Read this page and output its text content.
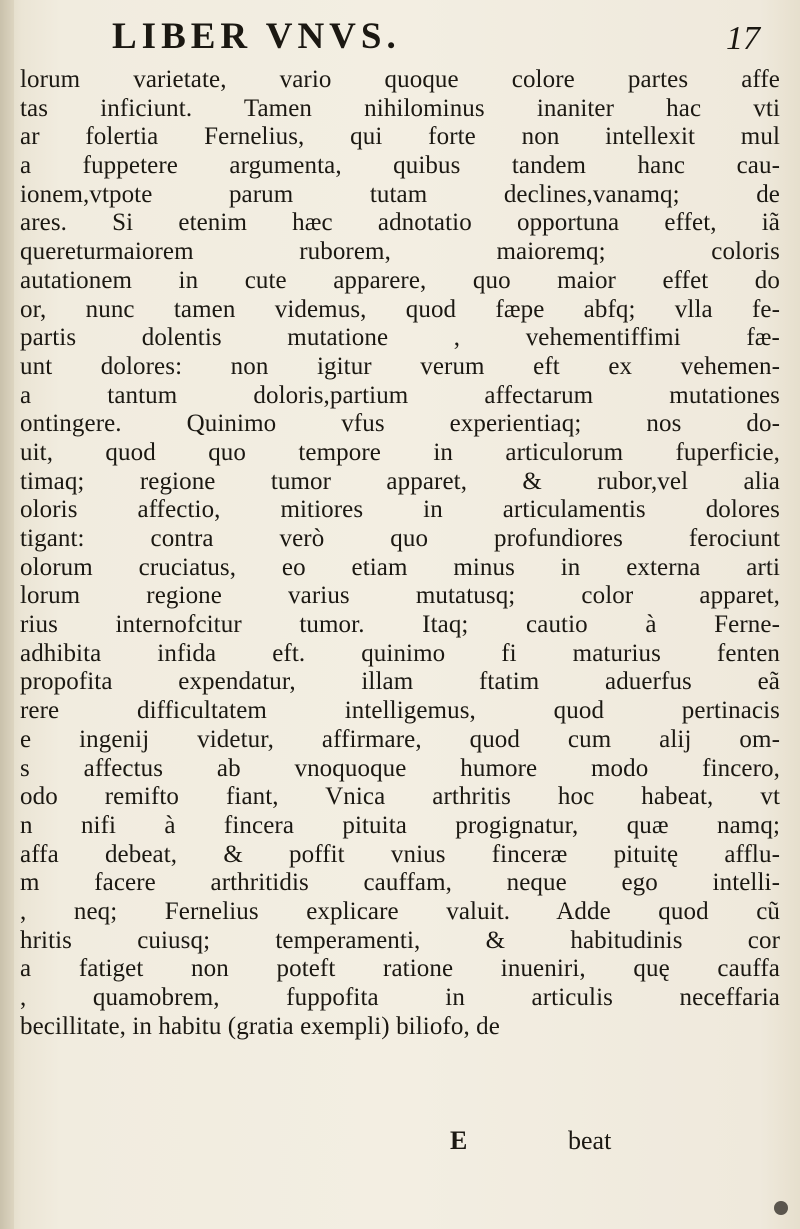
LIBER VNVS.	17
lorum varietate, vario quoque colore partes affe
tas inficiunt. Tamen nihilominus inaniter hac vti
ar folertia Fernelius, qui forte non intellexit mul
a fuppetere argumenta, quibus tandem hanc cau-
ionem,vtpote parum tutam declines,vanamq; de
ares. Si etenim hæc adnotatio opportuna effet, iã
quereturmaiorem ruborem, maioremq; coloris
autationem in cute apparere, quo maior effet do
or, nunc tamen videmus, quod fæpe abfq; vlla fe-
partis dolentis mutatione , vehementiffimi fæ-
unt dolores: non igitur verum eft ex vehemen-
a tantum doloris,partium affectarum mutationes
ontingere. Quinimo vfus experientiaq; nos do-
uit, quod quo tempore in articulorum fuperficie,
timaq; regione tumor apparet, & rubor,vel alia
oloris affectio, mitiores in articulamentis dolores
tigant: contra verò quo profundiores ferociunt
olorum cruciatus, eo etiam minus in externa arti
lorum regione varius mutatusq; color apparet,
rius internofcitur tumor. Itaq; cautio à Ferne-
adhibita infida eft. quinimo fi maturius fenten
propofita expendatur, illam ftatim aduerfus eã
rere difficultatem intelligemus, quod pertinacis
e ingenij videtur, affirmare, quod cum alij om-
s affectus ab vnoquoque humore modo fincero,
odo remifto fiant, Vnica arthritis hoc habeat, vt
n nifi à fincera pituita progignatur, quæ namq;
affa debeat, & poffit vnius finceræ pituitę afflu-
m facere arthritidis cauffam, neque ego intelli-
, neq; Fernelius explicare valuit. Adde quod cũ
hritis cuiusq; temperamenti, & habitudinis cor
a fatiget non poteft ratione inueniri, quę cauffa
, quamobrem, fuppofita in articulis neceffaria
becillitate, in habitu (gratia exempli) biliofo, de
E	beat
